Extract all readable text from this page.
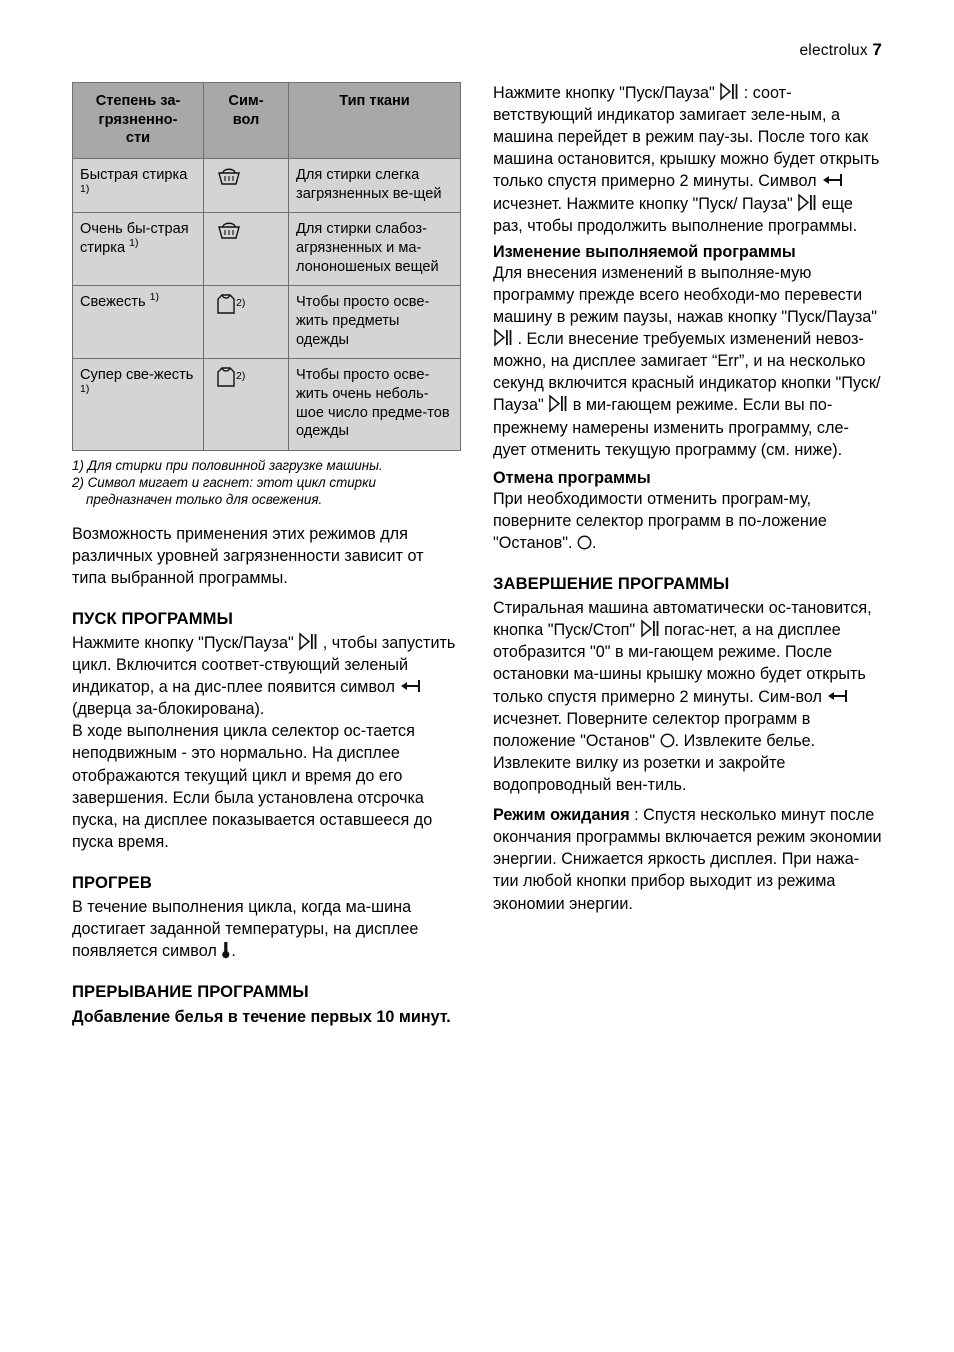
electrolux 7
Степень за-
грязненно-
сти	Сим-
вол	Тип ткани
Быстрая стирка $^{1)}$		Для стирки слегка загрязненных ве-щей
Очень бы-страя стирка $^{1)}$		Для стирки слабоз-агрязненных и ма-лононошеных вещей
Свежесть $^{1)}$	$^{2)}$	Чтобы просто осве-жить предметы одежды
Супер све-жесть $^{1)}$	$^{2)}$	Чтобы просто осве-жить очень неболь-шое число предме-тов одежды
1) Для стирки при половинной загрузке машины.
2) Символ мигает и гаснет: этот цикл стирки
предназначен только для освежения.

Возможность применения этих режимов для различных уровней загрязненности зависит от типа выбранной программы.

ПУСК ПРОГРАММЫ

Нажмите кнопку "Пуск/Пауза" , чтобы запустить цикл. Включится соответ-ствующий зеленый индикатор, а на дис-плее появится символ  (дверца за-блокирована).

В ходе выполнения цикла селектор ос-тается неподвижным - это нормально. На дисплее отображаются текущий цикл и время до его завершения. Если была установлена отсрочка пуска, на дисплее показывается оставшееся до пуска время.

ПРОГРЕВ

В течение выполнения цикла, когда ма-шина достигает заданной температуры, на дисплее появляется символ .

ПРЕРЫВАНИЕ ПРОГРАММЫ
Добавление белья в течение первых 10 минут.

Нажмите кнопку "Пуск/Пауза" : соот-ветствующий индикатор замигает зеле-ным, а машина перейдет в режим пау-зы. После того как машина остановится, крышку можно будет открыть только спустя примерно 2 минуты. Символ  исчезнет. Нажмите кнопку "Пуск/ Пауза" еще раз, чтобы продолжить выполнение программы.

Изменение выполняемой программы

Для внесения изменений в выполняе-мую программу прежде всего необходи-мо перевести машину в режим паузы, нажав кнопку "Пуск/Пауза"  . Если внесение требуемых изменений невоз-можно, на дисплее замигает “Err”, и на несколько секунд включится красный индикатор кнопки "Пуск/Пауза" в ми-гающем режиме. Если вы по-прежнему намерены изменить программу, сле-дует отменить текущую программу (см. ниже).

Отмена программы

При необходимости отменить програм-му, поверните селектор программ в по-ложение "Останов". .

ЗАВЕРШЕНИЕ ПРОГРАММЫ

Стиральная машина автоматически ос-тановится, кнопка "Пуск/Стоп" погас-нет, а на дисплее отобразится "0" в ми-гающем режиме. После остановки ма-шины крышку можно будет открыть только спустя примерно 2 минуты. Сим-вол  исчезнет. Поверните селектор программ в положение "Останов" . Извлеките белье. Извлеките вилку из розетки и закройте водопроводный вен-тиль.

Режим ожидания : Спустя несколько минут после окончания программы включается режим экономии энергии. Снижается яркость дисплея. При нажа-тии любой кнопки прибор выходит из режима экономии энергии.
